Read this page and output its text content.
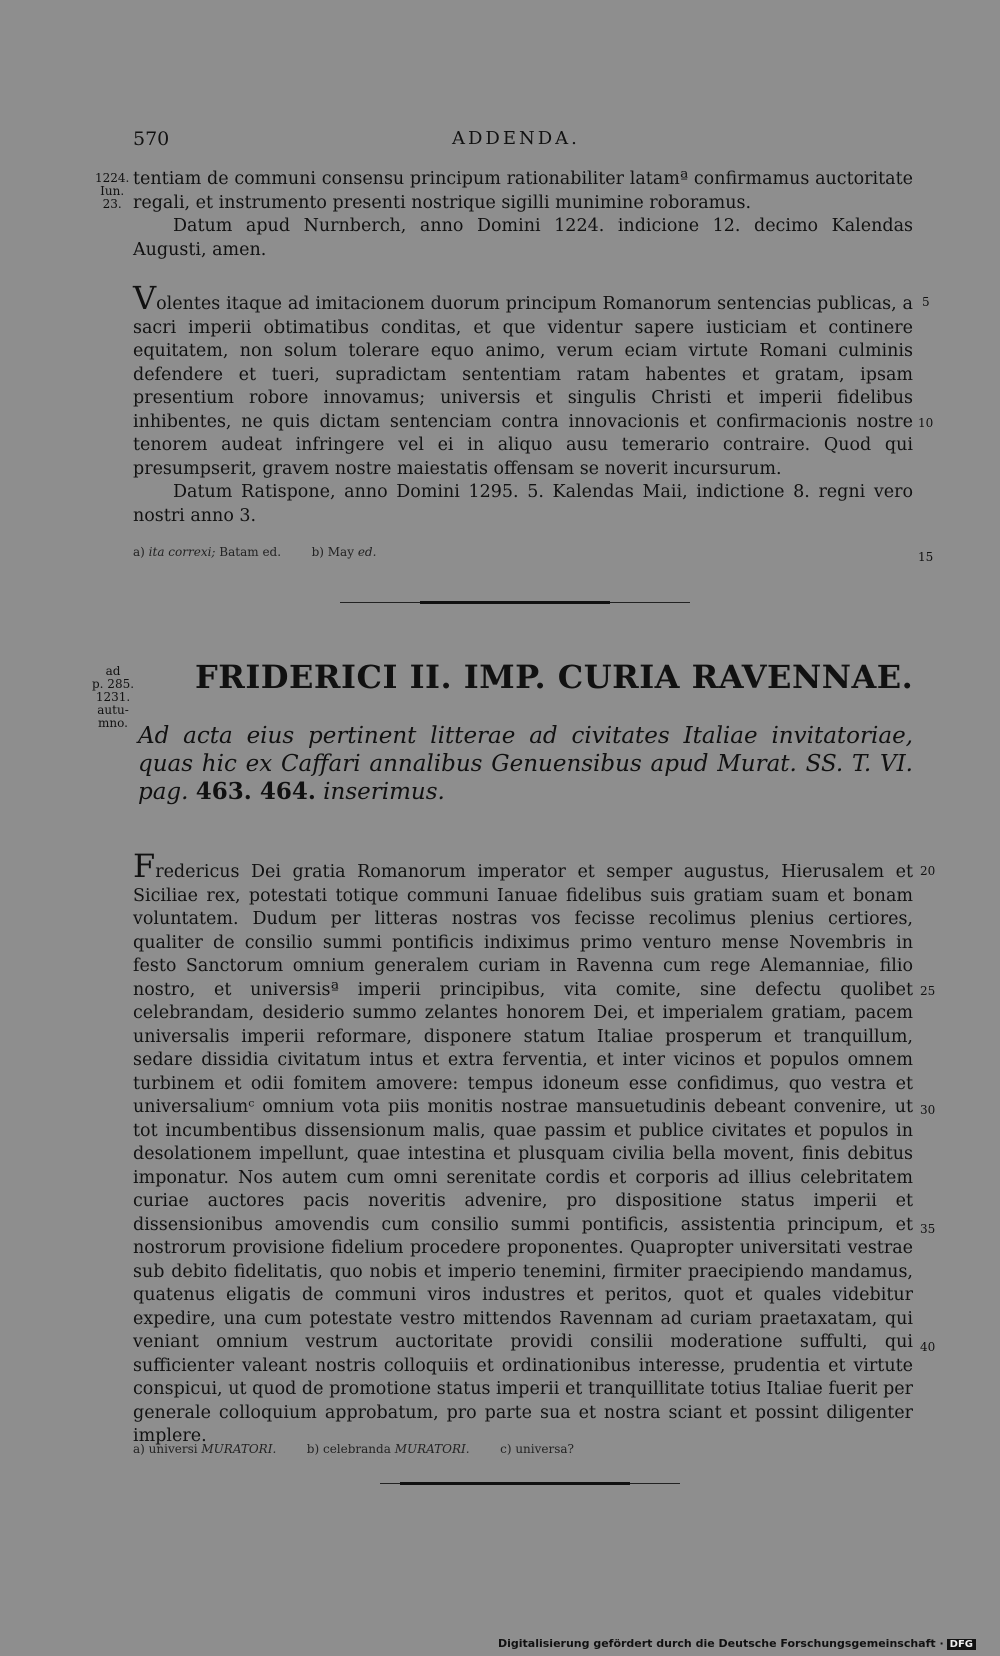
570	ADDENDA.
1224.
Iun.
23.

tentiam de communi consensu principum rationabiliter latamª confirmamus auctoritate regali, et instrumento presenti nostrique sigilli munimine roboramus.

Datum apud Nurnberch, anno Domini 1224. indicione 12. decimo Kalendas Augusti, amen.

Volentes itaque ad imitacionem duorum principum Romanorum sentencias publicas, a sacri imperii obtimatibus conditas, et que videntur sapere iusticiam et continere equitatem, non solum tolerare equo animo, verum eciam virtute Romani culminis defendere et tueri, supradictam sententiam ratam habentes et gratam, ipsam presentium robore innovamus; universis et singulis Christi et imperii fidelibus inhibentes, ne quis dictam sentenciam contra innovacionis et confirmacionis nostre tenorem audeat infringere vel ei in aliquo ausu temerario contraire. Quod qui presumpserit, gravem nostre maiestatis offensam se noverit incursurum.

Datum Ratispone, anno Domini 1295. 5. Kalendas Maii, indictione 8. regni vero nostri anno 3.

5
10
15
a) ita correxi; Batam ed.	b) May ed.
ad
p. 285.
1231.
autu-
mno.
FRIDERICI II. IMP. CURIA RAVENNAE.
Ad acta eius pertinent litterae ad civitates Italiae invitatoriae, quas hic ex Caffari annalibus Genuensibus apud Murat. SS. T. VI. pag. 463. 464. inserimus.

Fredericus Dei gratia Romanorum imperator et semper augustus, Hierusalem et Siciliae rex, potestati totique communi Ianuae fidelibus suis gratiam suam et bonam voluntatem. Dudum per litteras nostras vos fecisse recolimus plenius certiores, qualiter de consilio summi pontificis indiximus primo venturo mense Novembris in festo Sanctorum omnium generalem curiam in Ravenna cum rege Alemanniae, filio nostro, et universisª imperii principibus, vita comite, sine defectu quolibet celebrandam, desiderio summo zelantes honorem Dei, et imperialem gratiam, pacem universalis imperii reformare, disponere statum Italiae prosperum et tranquillum, sedare dissidia civitatum intus et extra ferventia, et inter vicinos et populos omnem turbinem et odii fomitem amovere: tempus idoneum esse confidimus, quo vestra et universaliumᶜ omnium vota piis monitis nostrae mansuetudinis debeant convenire, ut tot incumbentibus dissensionum malis, quae passim et publice civitates et populos in desolationem impellunt, quae intestina et plusquam civilia bella movent, finis debitus imponatur. Nos autem cum omni serenitate cordis et corporis ad illius celebritatem curiae auctores pacis noveritis advenire, pro dispositione status imperii et dissensionibus amovendis cum consilio summi pontificis, assistentia principum, et nostrorum provisione fidelium procedere proponentes. Quapropter universitati vestrae sub debito fidelitatis, quo nobis et imperio tenemini, firmiter praecipiendo mandamus, quatenus eligatis de communi viros industres et peritos, quot et quales videbitur expedire, una cum potestate vestro mittendos Ravennam ad curiam praetaxatam, qui veniant omnium vestrum auctoritate providi consilii moderatione suffulti, qui sufficienter valeant nostris colloquiis et ordinationibus interesse, prudentia et virtute conspicui, ut quod de promotione status imperii et tranquillitate totius Italiae fuerit per generale colloquium approbatum, pro parte sua et nostra sciant et possint diligenter implere.

20
25
30
35
40
a) universi MURATORI.	b) celebranda MURATORI.	c) universa?
Digitalisierung gefördert durch die Deutsche Forschungsgemeinschaft · DFG
